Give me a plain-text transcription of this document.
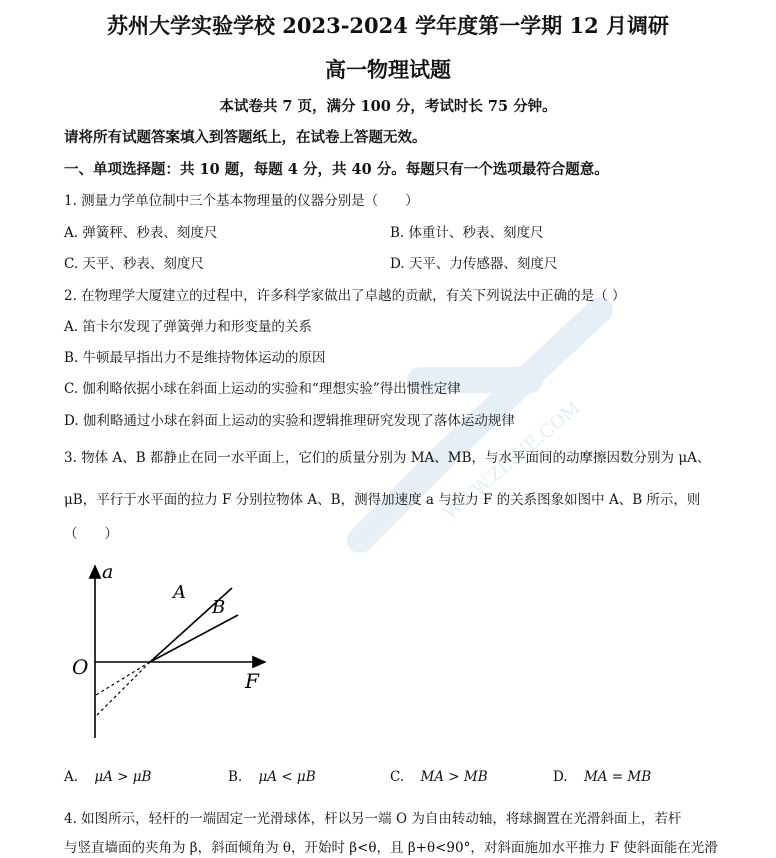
WWW.ZIXUE.COM
苏州大学实验学校 2023-2024 学年度第一学期 12 月调研
高一物理试题
本试卷共 7 页，满分 100 分，考试时长 75 分钟。
请将所有试题答案填入到答题纸上，在试卷上答题无效。
一、单项选择题：共 10 题，每题 4 分，共 40 分。每题只有一个选项最符合题意。
1. 测量力学单位制中三个基本物理量的仪器分别是（　　）
A. 弹簧秤、秒表、刻度尺	B. 体重计、秒表、刻度尺
C. 天平、秒表、刻度尺	D. 天平、力传感器、刻度尺
2. 在物理学大厦建立的过程中，许多科学家做出了卓越的贡献，有关下列说法中正确的是（ ）
A. 笛卡尔发现了弹簧弹力和形变量的关系
B. 牛顿最早指出力不是维持物体运动的原因
C. 伽利略依据小球在斜面上运动的实验和“理想实验”得出惯性定律
D. 伽利略通过小球在斜面上运动的实验和逻辑推理研究发现了落体运动规律
3. 物体 A、B 都静止在同一水平面上，它们的质量分别为 MA、MB，与水平面间的动摩擦因数分别为 μA、
μB，平行于水平面的拉力 F 分别拉物体 A、B，测得加速度 a 与拉力 F 的关系图象如图中 A、B 所示，则
（　　）
a
O
F
A
B
A. μA > μB	B. μA < μB	C. MA > MB	D. MA = MB
4. 如图所示，轻杆的一端固定一光滑球体，杆以另一端 O 为自由转动轴，将球搁置在光滑斜面上，若杆
与竖直墙面的夹角为 β，斜面倾角为 θ，开始时 β<θ，且 β+θ<90°，对斜面施加水平推力 F 使斜面能在光滑
